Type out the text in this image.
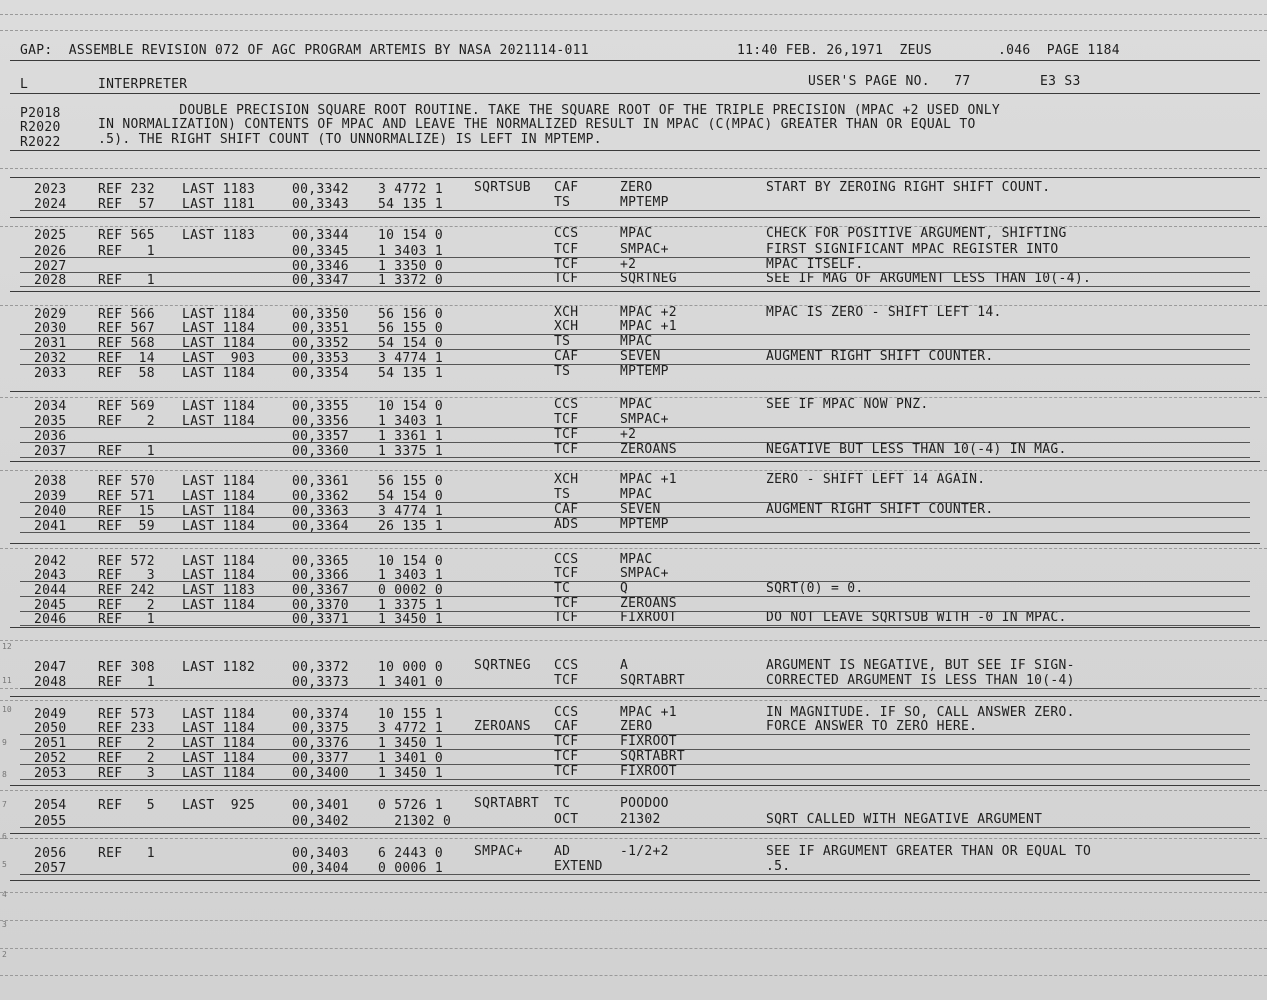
GAP:  ASSEMBLE REVISION 072 OF AGC PROGRAM ARTEMIS BY NASA 2021114-011	11:40 FEB. 26,1971  ZEUS	.046  PAGE 1184
L	INTERPRETER	USER'S PAGE NO.   77	E3 S3
P2018	DOUBLE PRECISION SQUARE ROOT ROUTINE. TAKE THE SQUARE ROOT OF THE TRIPLE PRECISION (MPAC +2 USED ONLY
R2020	IN NORMALIZATION) CONTENTS OF MPAC AND LEAVE THE NORMALIZED RESULT IN MPAC (C(MPAC) GREATER THAN OR EQUAL TO
R2022	.5). THE RIGHT SHIFT COUNT (TO UNNORMALIZE) IS LEFT IN MPTEMP.
2023 REF 232 LAST 1183	00,3342 3 4772 1 SQRTSUB CAF	ZERO	START BY ZEROING RIGHT SHIFT COUNT.
2024 REF  57 LAST 1181	00,3343 54 135 1	TS	MPTEMP
2025 REF 565 LAST 1183	00,3344 10 154 0	CCS	MPAC	CHECK FOR POSITIVE ARGUMENT, SHIFTING
2026 REF   1	00,3345 1 3403 1	TCF	SMPAC+	FIRST SIGNIFICANT MPAC REGISTER INTO
2027	00,3346 1 3350 0	TCF	+2	MPAC ITSELF.
2028 REF   1	00,3347 1 3372 0	TCF	SQRTNEG	SEE IF MAG OF ARGUMENT LESS THAN 10(-4).
2029 REF 566 LAST 1184	00,3350 56 156 0	XCH	MPAC +2	MPAC IS ZERO - SHIFT LEFT 14.
2030 REF 567 LAST 1184	00,3351 56 155 0	XCH	MPAC +1
2031 REF 568 LAST 1184	00,3352 54 154 0	TS	MPAC
2032 REF  14 LAST  903	00,3353 3 4774 1	CAF	SEVEN	AUGMENT RIGHT SHIFT COUNTER.
2033 REF  58 LAST 1184	00,3354 54 135 1	TS	MPTEMP
2034 REF 569 LAST 1184	00,3355 10 154 0	CCS	MPAC	SEE IF MPAC NOW PNZ.
2035 REF   2 LAST 1184	00,3356 1 3403 1	TCF	SMPAC+
2036	00,3357 1 3361 1	TCF	+2
2037 REF   1	00,3360 1 3375 1	TCF	ZEROANS	NEGATIVE BUT LESS THAN 10(-4) IN MAG.
2038 REF 570 LAST 1184	00,3361 56 155 0	XCH	MPAC +1	ZERO - SHIFT LEFT 14 AGAIN.
2039 REF 571 LAST 1184	00,3362 54 154 0	TS	MPAC
2040 REF  15 LAST 1184	00,3363 3 4774 1	CAF	SEVEN	AUGMENT RIGHT SHIFT COUNTER.
2041 REF  59 LAST 1184	00,3364 26 135 1	ADS	MPTEMP
2042 REF 572 LAST 1184	00,3365 10 154 0	CCS	MPAC
2043 REF   3 LAST 1184	00,3366 1 3403 1	TCF	SMPAC+
2044 REF 242 LAST 1183	00,3367 0 0002 0	TC	Q	SQRT(0) = 0.
2045 REF   2 LAST 1184	00,3370 1 3375 1	TCF	ZEROANS
2046 REF   1	00,3371 1 3450 1	TCF	FIXROOT	DO NOT LEAVE SQRTSUB WITH -0 IN MPAC.
2047 REF 308 LAST 1182	00,3372 10 000 0 SQRTNEG CCS	A	ARGUMENT IS NEGATIVE, BUT SEE IF SIGN-
2048 REF   1	00,3373 1 3401 0	TCF	SQRTABRT	CORRECTED ARGUMENT IS LESS THAN 10(-4)
2049 REF 573 LAST 1184	00,3374 10 155 1	CCS	MPAC +1	IN MAGNITUDE. IF SO, CALL ANSWER ZERO.
2050 REF 233 LAST 1184	00,3375 3 4772 1 ZEROANS CAF	ZERO	FORCE ANSWER TO ZERO HERE.
2051 REF   2 LAST 1184	00,3376 1 3450 1	TCF	FIXROOT
2052 REF   2 LAST 1184	00,3377 1 3401 0	TCF	SQRTABRT
2053 REF   3 LAST 1184	00,3400 1 3450 1	TCF	FIXROOT
2054 REF   5 LAST  925	00,3401 0 5726 1 SQRTABRT TC	POODOO
2055	00,3402 21302 0	OCT	21302	SQRT CALLED WITH NEGATIVE ARGUMENT
2056 REF   1	00,3403 6 2443 0 SMPAC+ AD	-1/2+2	SEE IF ARGUMENT GREATER THAN OR EQUAL TO
2057	00,3404 0 0006 1	EXTEND	.5.
12
11
10
9
8
7
6
5
4
3
2
